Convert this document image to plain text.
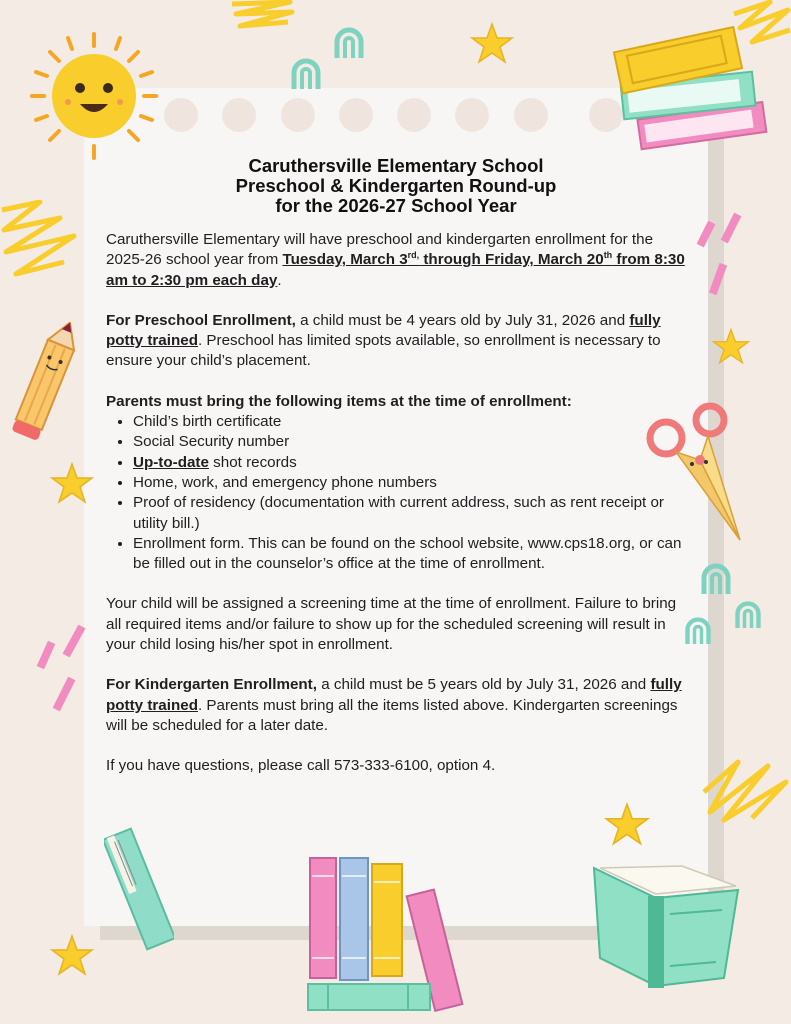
Caruthersville Elementary School
Preschool & Kindergarten Round-up
for the 2026-27 School Year

Caruthersville Elementary will have preschool and kindergarten enrollment for the 2025-26 school year from Tuesday, March $3^{rd,}$ through Friday, March 20th from 8:30 am to 2:30 pm each day.

For Preschool Enrollment, a child must be 4 years old by July 31, 2026 and fully potty trained. Preschool has limited spots available, so enrollment is necessary to ensure your child’s placement.

Parents must bring the following items at the time of enrollment:

• Child’s birth certificate
• Social Security number
• Up-to-date shot records
• Home, work, and emergency phone numbers
• Proof of residency (documentation with current address, such as rent receipt or utility bill.)
• Enrollment form. This can be found on the school website, www.cps18.org, or can be filled out in the counselor’s office at the time of enrollment.

Your child will be assigned a screening time at the time of enrollment. Failure to bring all required items and/or failure to show up for the scheduled screening will result in your child losing his/her spot in enrollment.

For Kindergarten Enrollment, a child must be 5 years old by July 31, 2026 and fully potty trained. Parents must bring all the items listed above. Kindergarten screenings will be scheduled for a later date.

If you have questions, please call 573-333-6100, option 4.
